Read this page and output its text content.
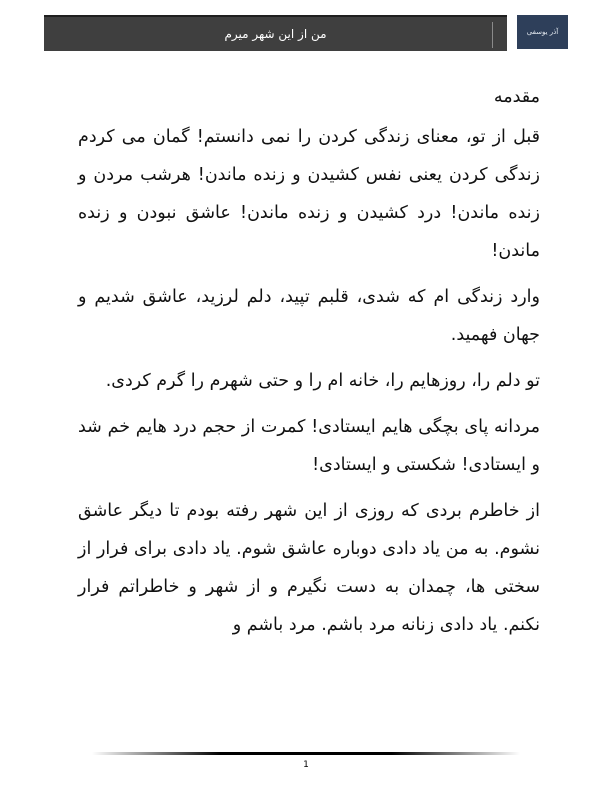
من از این شهر میرم	آذر یوسفی

مقدمه

قبل از تو، معنای زندگی کردن را نمی دانستم! گمان می کردم زندگی کردن یعنی نفس کشیدن و زنده ماندن! هرشب مردن و زنده ماندن! درد کشیدن و زنده ماندن! عاشق نبودن و زنده ماندن!

وارد زندگی ام که شدی، قلبم تپید، دلم لرزید، عاشق شدیم و جهان فهمید.

تو دلم را، روزهایم را، خانه ام را و حتی شهرم را گرم کردی.

مردانه پای بچگی هایم ایستادی! کمرت از حجم درد هایم خم شد و ایستادی! شکستی و ایستادی!

از خاطرم بردی که روزی از این شهر رفته بودم تا دیگر عاشق نشوم. به من یاد دادی دوباره عاشق شوم. یاد دادی برای فرار از سختی ها، چمدان به دست نگیرم و از شهر و خاطراتم فرار نکنم. یاد دادی زنانه مرد باشم. مرد باشم و

1
